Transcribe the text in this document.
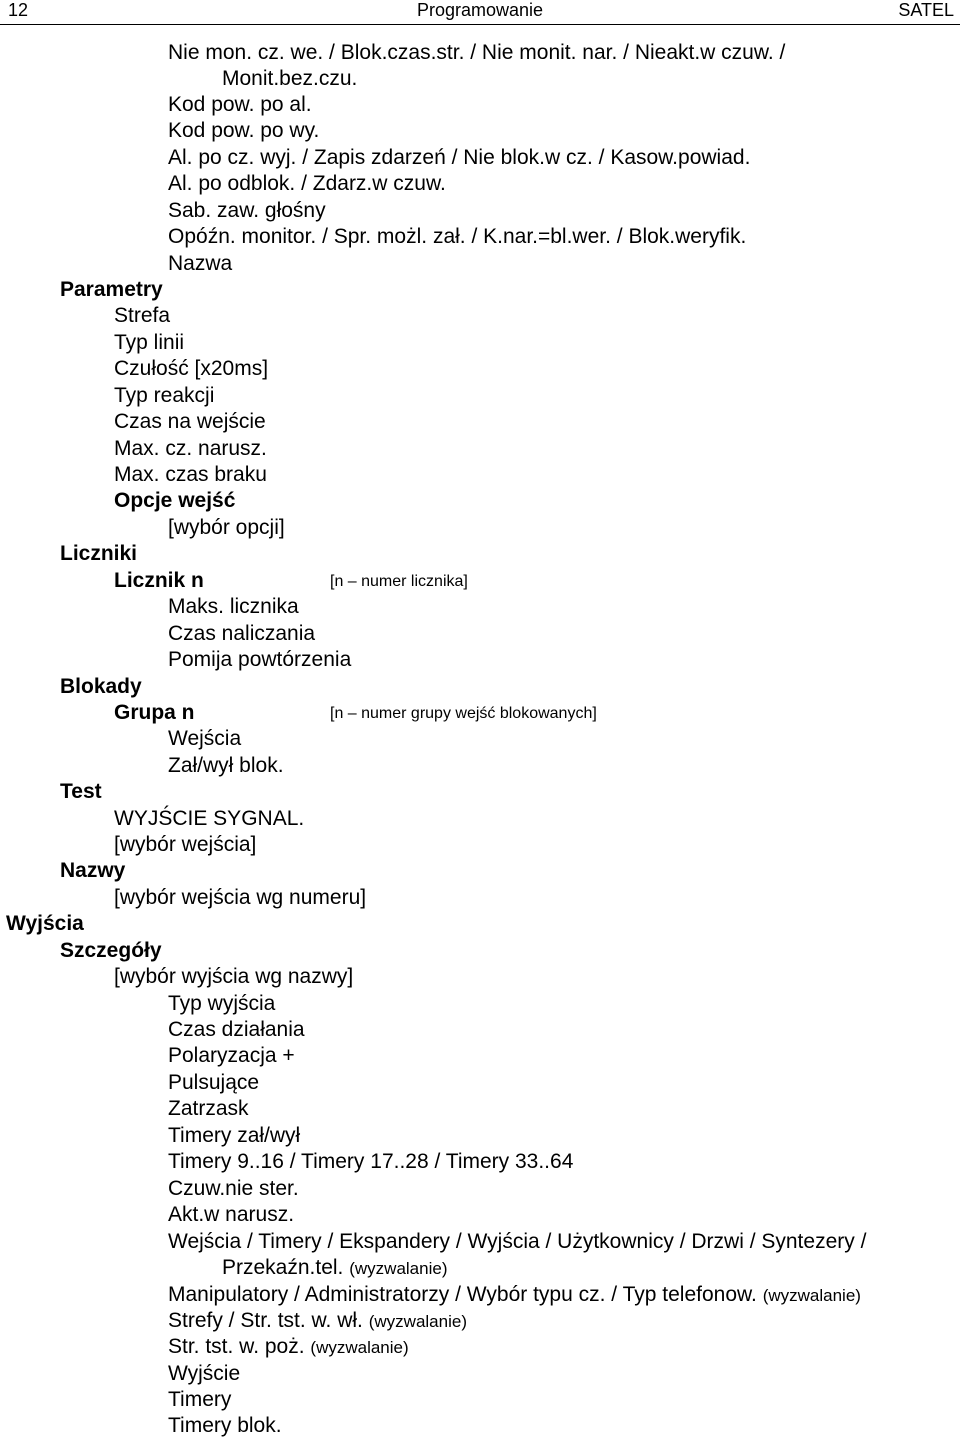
12	Programowanie	SATEL
Nie mon. cz. we. / Blok.czas.str. / Nie monit. nar. / Nieakt.w czuw. /
Monit.bez.czu.
Kod pow. po al.
Kod pow. po wy.
Al. po cz. wyj. / Zapis zdarzeń / Nie blok.w cz. / Kasow.powiad.
Al. po odblok. / Zdarz.w czuw.
Sab. zaw. głośny
Opóźn. monitor. / Spr. możl. zał. / K.nar.=bl.wer. / Blok.weryfik.
Nazwa
Parametry
Strefa
Typ linii
Czułość [x20ms]
Typ reakcji
Czas na wejście
Max. cz. narusz.
Max. czas braku
Opcje wejść
[wybór opcji]
Liczniki
Licznik n	[n – numer licznika]
Maks. licznika
Czas naliczania
Pomija powtórzenia
Blokady
Grupa n	[n – numer grupy wejść blokowanych]
Wejścia
Zał/wył blok.
Test
WYJŚCIE SYGNAL.
[wybór wejścia]
Nazwy
[wybór wejścia wg numeru]
Wyjścia
Szczegóły
[wybór wyjścia wg nazwy]
Typ wyjścia
Czas działania
Polaryzacja +
Pulsujące
Zatrzask
Timery zał/wył
Timery 9..16 / Timery 17..28 / Timery 33..64
Czuw.nie ster.
Akt.w narusz.
Wejścia / Timery / Ekspandery / Wyjścia / Użytkownicy / Drzwi / Syntezery /
Przekaźn.tel. (wyzwalanie)
Manipulatory / Administratorzy / Wybór typu cz. / Typ telefonow. (wyzwalanie)
Strefy / Str. tst. w. wł. (wyzwalanie)
Str. tst. w. poż. (wyzwalanie)
Wyjście
Timery
Timery blok.
